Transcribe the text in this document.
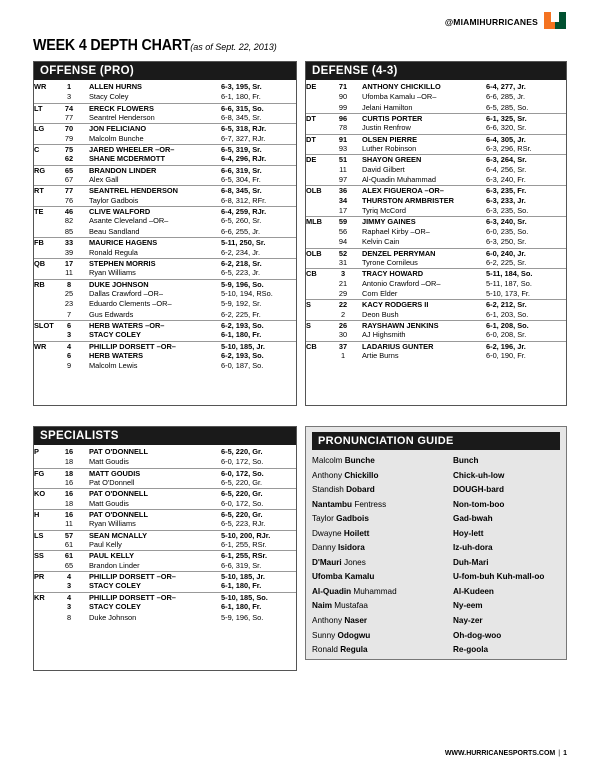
@MIAMIHURRICANES
WEEK 4 DEPTH CHART (as of Sept. 22, 2013)
OFFENSE (PRO)
WR	1	ALLEN HURNS	6-3, 195, Sr.
3	Stacy Coley	6-1, 180, Fr.
LT	74	ERECK FLOWERS	6-6, 315, So.
77	Seantrel Henderson	6-8, 345, Sr.
LG	70	JON FELICIANO	6-5, 318, RJr.
79	Malcolm Bunche	6-7, 327, RJr.
C	75	JARED WHEELER –OR–	6-5, 319, Sr.
62	SHANE MCDERMOTT	6-4, 296, RJr.
RG	65	BRANDON LINDER	6-6, 319, Sr.
67	Alex Gall	6-5, 304, Fr.
RT	77	SEANTREL HENDERSON	6-8, 345, Sr.
76	Taylor Gadbois	6-8, 312, RFr.
TE	46	CLIVE WALFORD	6-4, 259, RJr.
82	Asante Cleveland –OR–	6-5, 260, Sr.
85	Beau Sandland	6-6, 255, Jr.
FB	33	MAURICE HAGENS	5-11, 250, Sr.
39	Ronald Regula	6-2, 234, Jr.
QB	17	STEPHEN MORRIS	6-2, 218, Sr.
11	Ryan Williams	6-5, 223, Jr.
RB	8	DUKE JOHNSON	5-9, 196, So.
25	Dallas Crawford –OR–	5-10, 194, RSo.
23	Eduardo Clements –OR–	5-9, 192, Sr.
7	Gus Edwards	6-2, 225, Fr.
SLOT	6	HERB WATERS –OR–	6-2, 193, So.
3	STACY COLEY	6-1, 180, Fr.
WR	4	PHILLIP DORSETT –OR–	5-10, 185, Jr.
6	HERB WATERS	6-2, 193, So.
9	Malcolm Lewis	6-0, 187, So.
DEFENSE (4-3)
DE	71	ANTHONY CHICKILLO	6-4, 277, Jr.
90	Ufomba Kamalu –OR–	6-6, 285, Jr.
99	Jelani Hamilton	6-5, 285, So.
DT	96	CURTIS PORTER	6-1, 325, Sr.
78	Justin Renfrow	6-6, 320, Sr.
DT	91	OLSEN PIERRE	6-4, 305, Jr.
93	Luther Robinson	6-3, 296, RSr.
DE	51	SHAYON GREEN	6-3, 264, Sr.
11	David Gilbert	6-4, 256, Sr.
97	Al-Quadin Muhammad	6-3, 240, Fr.
OLB	36	ALEX FIGUEROA –OR–	6-3, 235, Fr.
34	THURSTON ARMBRISTER	6-3, 233, Jr.
17	Tyriq McCord	6-3, 235, So.
MLB	59	JIMMY GAINES	6-3, 240, Sr.
56	Raphael Kirby –OR–	6-0, 235, So.
94	Kelvin Cain	6-3, 250, Sr.
OLB	52	DENZEL PERRYMAN	6-0, 240, Jr.
31	Tyrone Cornileus	6-2, 225, Sr.
CB	3	TRACY HOWARD	5-11, 184, So.
21	Antonio Crawford –OR–	5-11, 187, So.
29	Corn Elder	5-10, 173, Fr.
S	22	KACY RODGERS II	6-2, 212, Sr.
2	Deon Bush	6-1, 203, So.
S	26	RAYSHAWN JENKINS	6-1, 208, So.
30	AJ Highsmith	6-0, 208, Sr.
CB	37	LADARIUS GUNTER	6-2, 196, Jr.
1	Artie Burns	6-0, 190, Fr.
SPECIALISTS
P	16	PAT O'DONNELL	6-5, 220, Gr.
18	Matt Goudis	6-0, 172, So.
FG	18	MATT GOUDIS	6-0, 172, So.
16	Pat O'Donnell	6-5, 220, Gr.
KO	16	PAT O'DONNELL	6-5, 220, Gr.
18	Matt Goudis	6-0, 172, So.
H	16	PAT O'DONNELL	6-5, 220, Gr.
11	Ryan Williams	6-5, 223, RJr.
LS	57	SEAN MCNALLY	5-10, 200, RJr.
61	Paul Kelly	6-1, 255, RSr.
SS	61	PAUL KELLY	6-1, 255, RSr.
65	Brandon Linder	6-6, 319, Sr.
PR	4	PHILLIP DORSETT –OR–	5-10, 185, Jr.
3	STACY COLEY	6-1, 180, Fr.
KR	4	PHILLIP DORSETT –OR–	5-10, 185, So.
3	STACY COLEY	6-1, 180, Fr.
8	Duke Johnson	5-9, 196, So.
PRONUNCIATION GUIDE
Malcolm Bunche	Bunch
Anthony Chickillo	Chick-uh-low
Standish Dobard	DOUGH-bard
Nantambu Fentress	Non-tom-boo
Taylor Gadbois	Gad-bwah
Dwayne Hoilett	Hoy-lett
Danny Isidora	Iz-uh-dora
D'Mauri Jones	Duh-Mari
Ufomba Kamalu	U-fom-buh Kuh-mall-oo
Al-Quadin Muhammad	Al-Kudeen
Naim Mustafaa	Ny-eem
Anthony Naser	Nay-zer
Sunny Odogwu	Oh-dog-woo
Ronald Regula	Re-goola
WWW.HURRICANESPORTS.COM | 1
